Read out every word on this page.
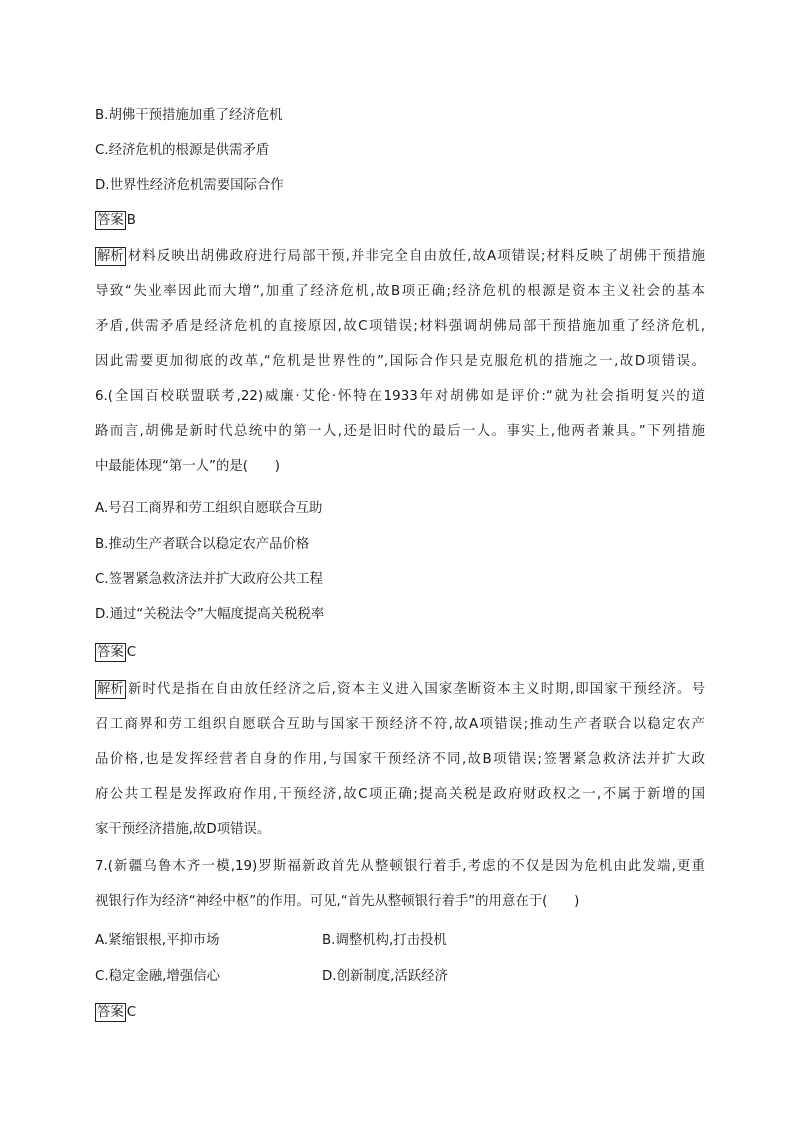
B.胡佛干预措施加重了经济危机
C.经济危机的根源是供需矛盾
D.世界性经济危机需要国际合作
答案 B
解析 材料反映出胡佛政府进行局部干预,并非完全自由放任,故A项错误;材料反映了胡佛干预措施
导致“失业率因此而大增”,加重了经济危机,故B项正确;经济危机的根源是资本主义社会的基本
矛盾,供需矛盾是经济危机的直接原因,故C项错误;材料强调胡佛局部干预措施加重了经济危机,
因此需要更加彻底的改革,“危机是世界性的”,国际合作只是克服危机的措施之一,故D项错误。
6.(全国百校联盟联考,22)威廉·艾伦·怀特在1933年对胡佛如是评价:“就为社会指明复兴的道
路而言,胡佛是新时代总统中的第一人,还是旧时代的最后一人。事实上,他两者兼具。”下列措施
中最能体现“第一人”的是(　　)
A.号召工商界和劳工组织自愿联合互助
B.推动生产者联合以稳定农产品价格
C.签署紧急救济法并扩大政府公共工程
D.通过“关税法令”大幅度提高关税税率
答案 C
解析 新时代是指在自由放任经济之后,资本主义进入国家垄断资本主义时期,即国家干预经济。号
召工商界和劳工组织自愿联合互助与国家干预经济不符,故A项错误;推动生产者联合以稳定农产
品价格,也是发挥经营者自身的作用,与国家干预经济不同,故B项错误;签署紧急救济法并扩大政
府公共工程是发挥政府作用,干预经济,故C项正确;提高关税是政府财政权之一,不属于新增的国
家干预经济措施,故D项错误。
7.(新疆乌鲁木齐一模,19)罗斯福新政首先从整顿银行着手,考虑的不仅是因为危机由此发端,更重
视银行作为经济“神经中枢”的作用。可见,“首先从整顿银行着手”的用意在于(　　)
A.紧缩银根,平抑市场	B.调整机构,打击投机
C.稳定金融,增强信心	D.创新制度,活跃经济
答案 C
